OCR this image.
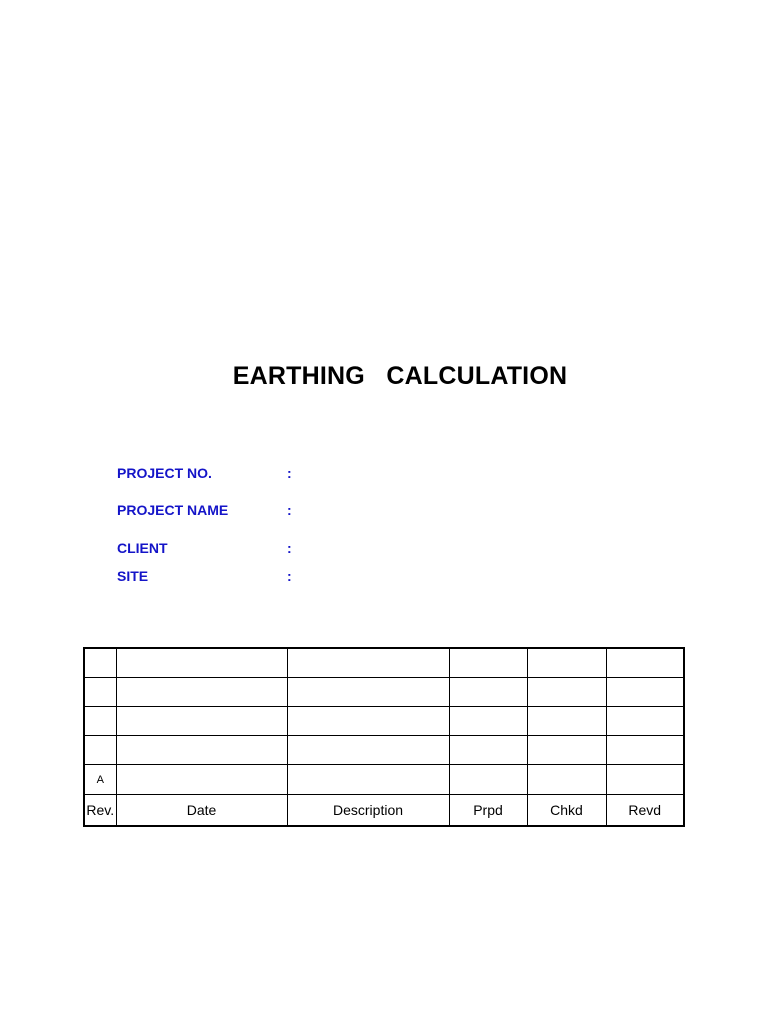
EARTHING   CALCULATION
PROJECT NO.	:
PROJECT NAME	:
CLIENT	:
SITE	:

A					
Rev.	Date	Description	Prpd	Chkd	Revd
